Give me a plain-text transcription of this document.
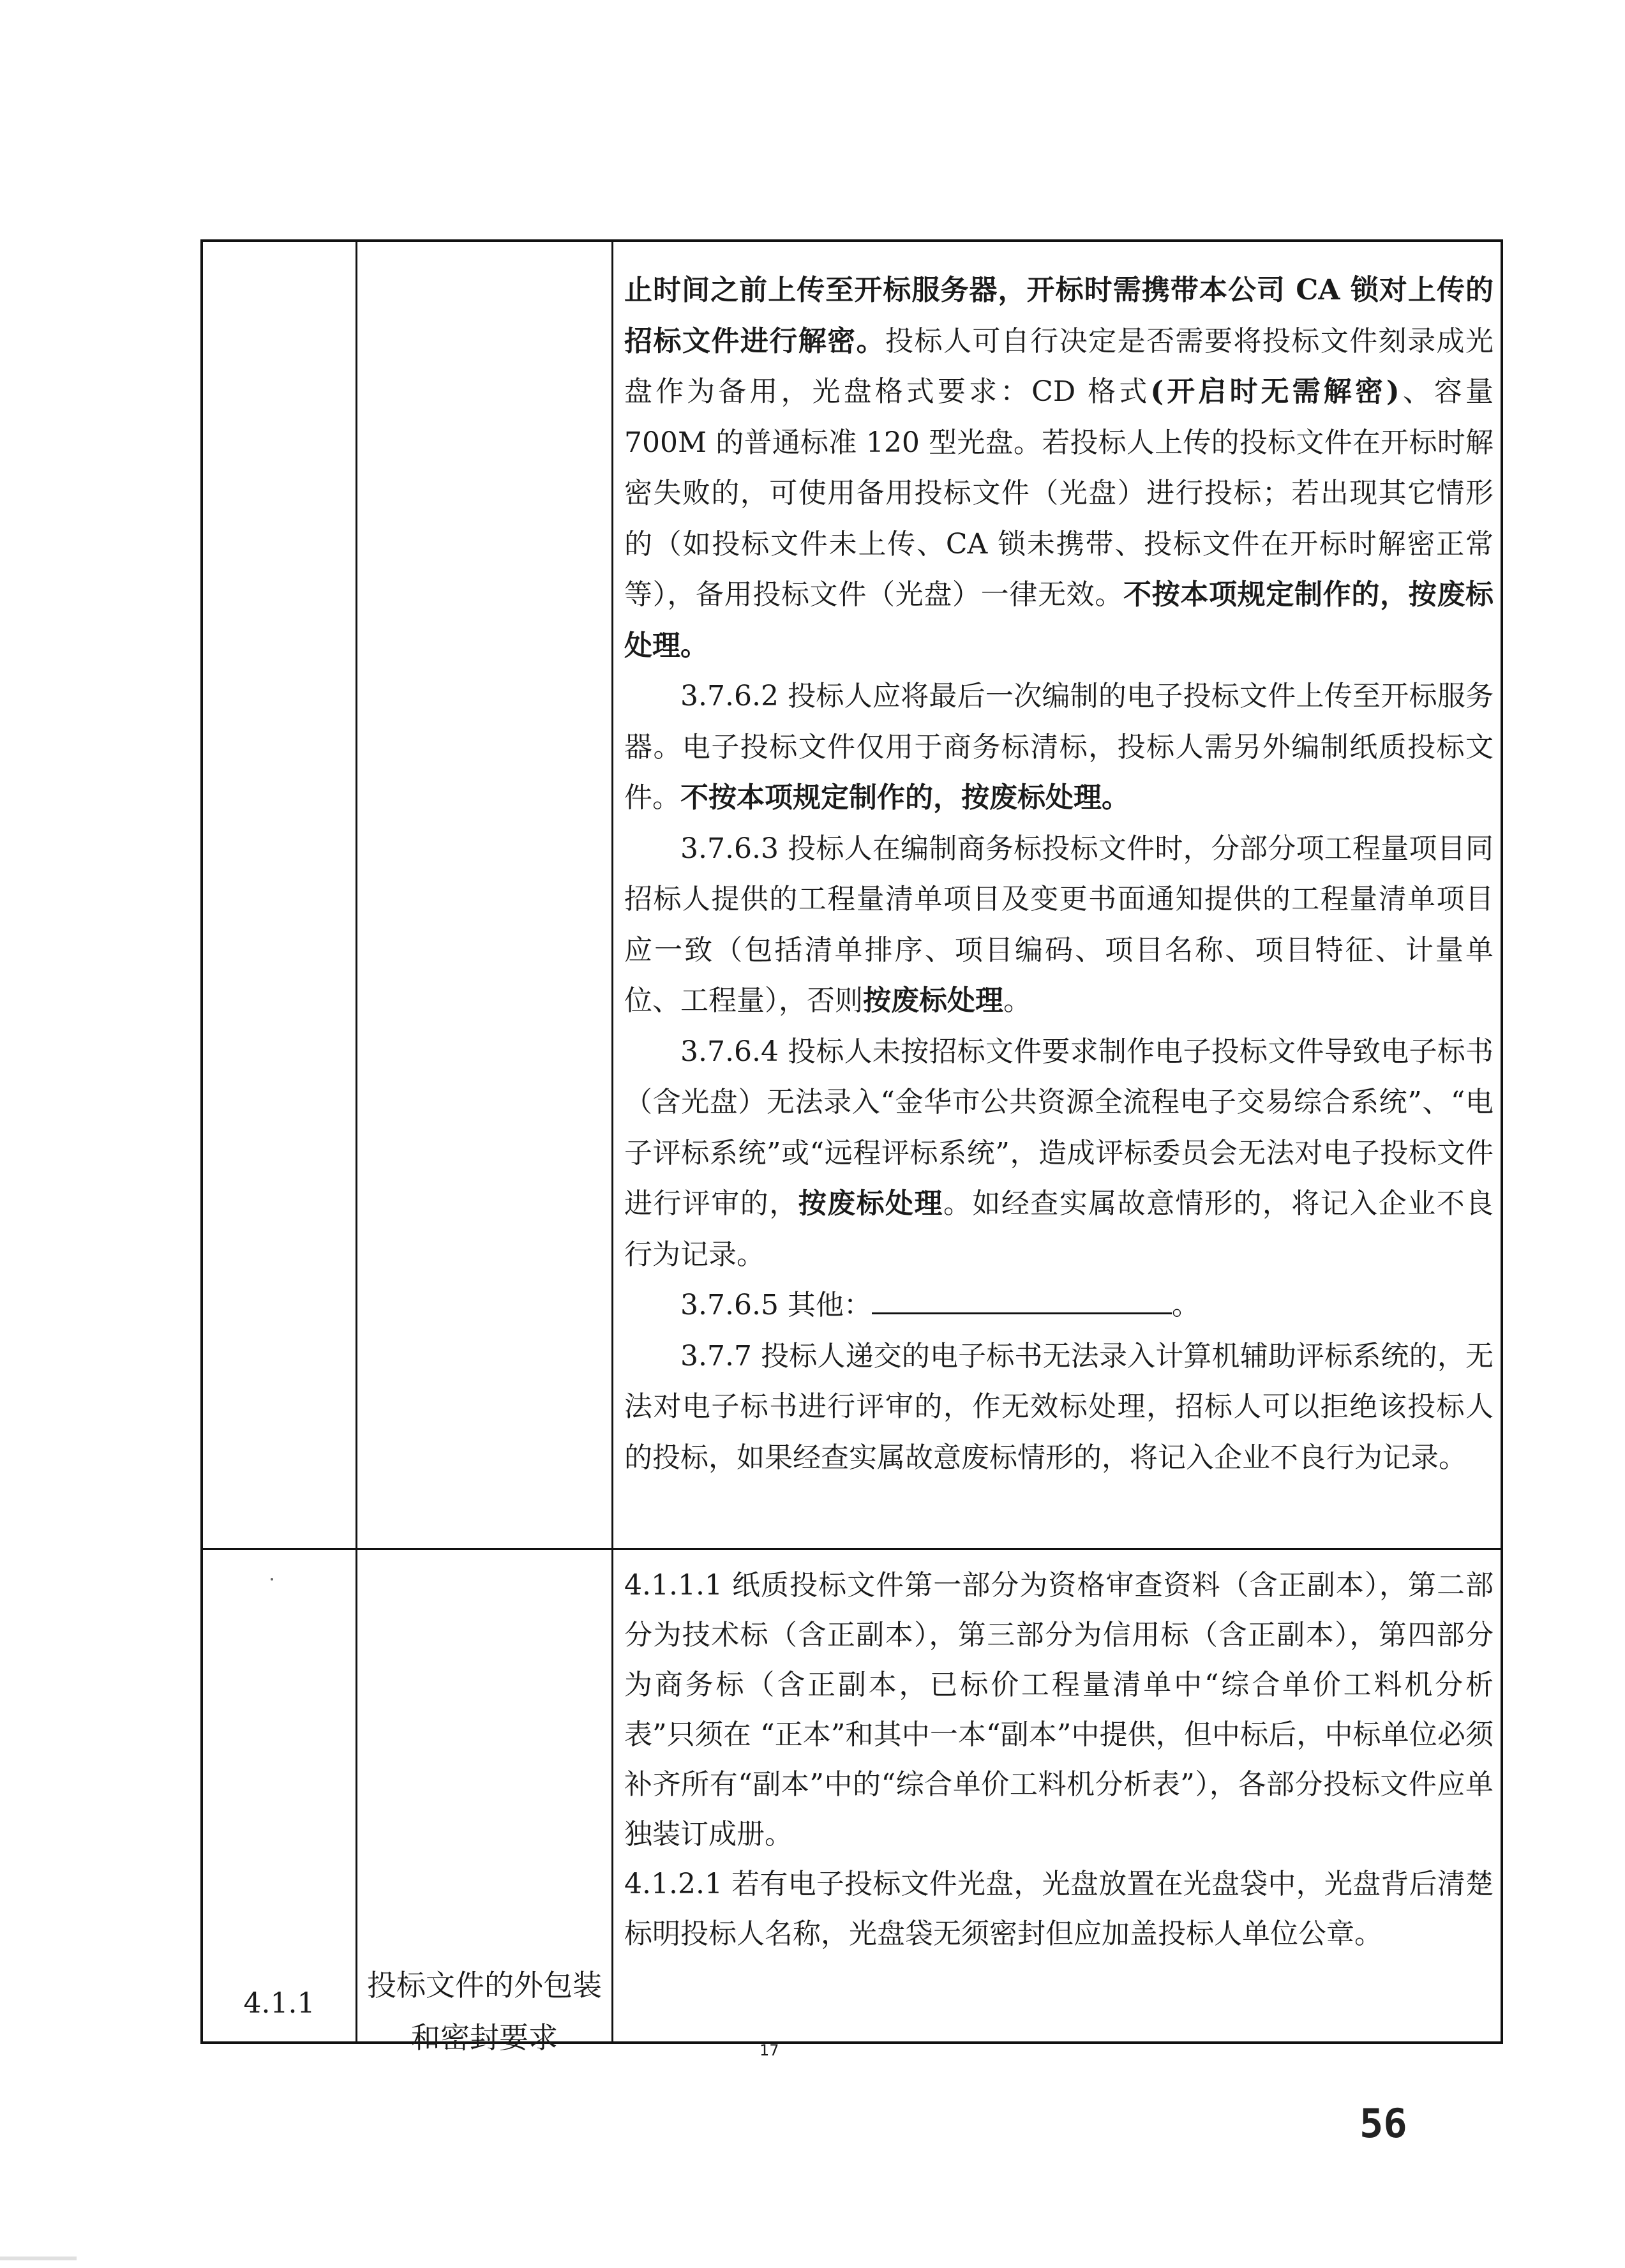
止时间之前上传至开标服务器，开标时需携带本公司 CA 锁对上传的招标文件进行解密。投标人可自行决定是否需要将投标文件刻录成光盘作为备用，光盘格式要求：CD 格式(开启时无需解密)、容量 700M 的普通标准 120 型光盘。若投标人上传的投标文件在开标时解密失败的，可使用备用投标文件（光盘）进行投标；若出现其它情形的（如投标文件未上传、CA 锁未携带、投标文件在开标时解密正常等），备用投标文件（光盘）一律无效。不按本项规定制作的，按废标处理。

3.7.6.2 投标人应将最后一次编制的电子投标文件上传至开标服务器。电子投标文件仅用于商务标清标，投标人需另外编制纸质投标文件。不按本项规定制作的，按废标处理。

3.7.6.3 投标人在编制商务标投标文件时，分部分项工程量项目同招标人提供的工程量清单项目及变更书面通知提供的工程量清单项目应一致（包括清单排序、项目编码、项目名称、项目特征、计量单位、工程量），否则按废标处理。

3.7.6.4 投标人未按招标文件要求制作电子投标文件导致电子标书（含光盘）无法录入“金华市公共资源全流程电子交易综合系统”、“电子评标系统”或“远程评标系统”，造成评标委员会无法对电子投标文件进行评审的，按废标处理。如经查实属故意情形的，将记入企业不良行为记录。

3.7.6.5 其他：	。

3.7.7 投标人递交的电子标书无法录入计算机辅助评标系统的，无法对电子标书进行评审的，作无效标处理，招标人可以拒绝该投标人的投标，如果经查实属故意废标情形的，将记入企业不良行为记录。

4.1.1
投标文件的外包装和密封要求

4.1.1.1 纸质投标文件第一部分为资格审查资料（含正副本），第二部分为技术标（含正副本），第三部分为信用标（含正副本），第四部分为商务标（含正副本，已标价工程量清单中“综合单价工料机分析表”只须在 “正本”和其中一本“副本”中提供，但中标后，中标单位必须补齐所有“副本”中的“综合单价工料机分析表”），各部分投标文件应单独装订成册。

4.1.2.1 若有电子投标文件光盘，光盘放置在光盘袋中，光盘背后清楚标明投标人名称，光盘袋无须密封但应加盖投标人单位公章。

17
56
